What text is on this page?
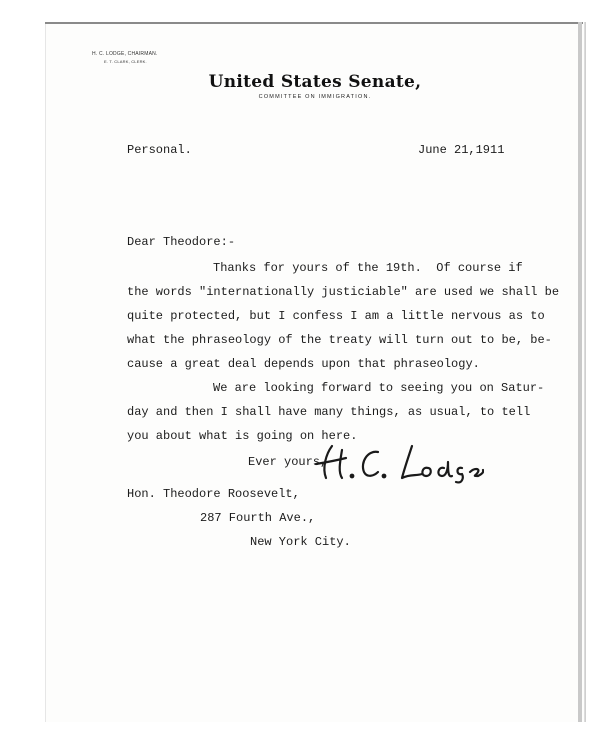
H. C. LODGE, CHAIRMAN.
E. T. CLARK, CLERK.
United States Senate,
COMMITTEE ON IMMIGRATION.
Personal.	June 21,1911
Dear Theodore:-
Thanks for yours of the 19th.  Of course if
the words "internationally justiciable" are used we shall be
quite protected, but I confess I am a little nervous as to
what the phraseology of the treaty will turn out to be, be-
cause a great deal depends upon that phraseology.
We are looking forward to seeing you on Satur-
day and then I shall have many things, as usual, to tell
you about what is going on here.
Ever yours,
Hon. Theodore Roosevelt,
287 Fourth Ave.,
New York City.
